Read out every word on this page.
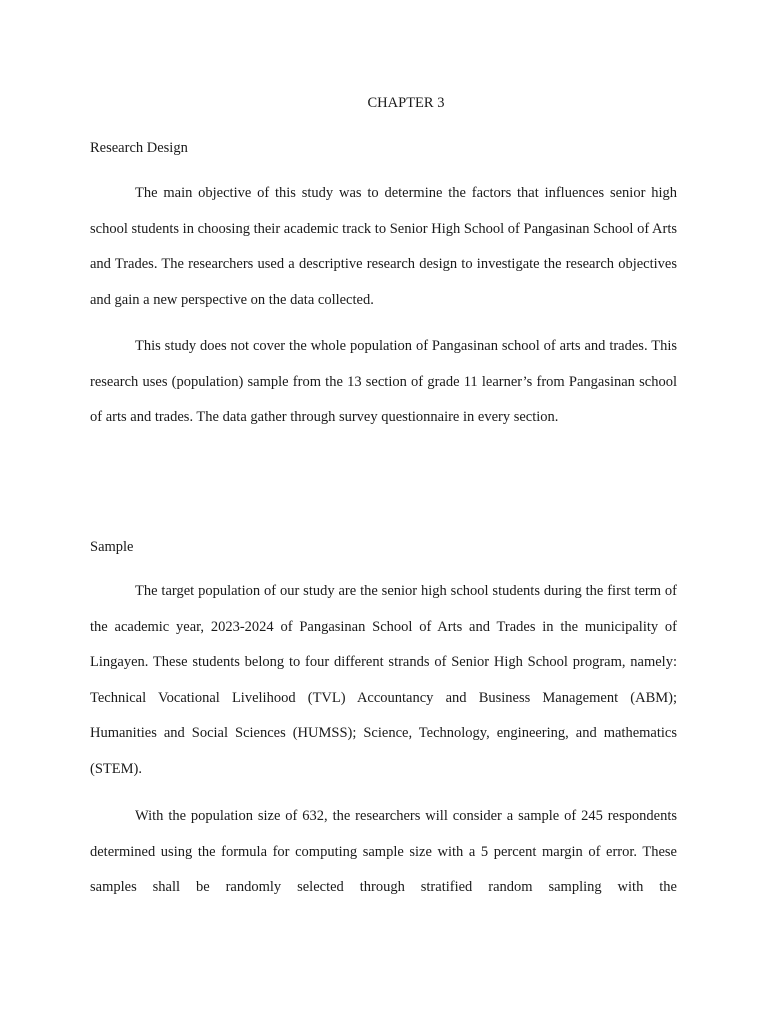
CHAPTER 3
Research Design

The main objective of this study was to determine the factors that influences senior high school students in choosing their academic track to Senior High School of Pangasinan School of Arts and Trades. The researchers used a descriptive research design to investigate the research objectives and gain a new perspective on the data collected.

This study does not cover the whole population of Pangasinan school of arts and trades. This research uses (population) sample from the 13 section of grade 11 learner’s from Pangasinan school of arts and trades. The data gather through survey questionnaire in every section.

Sample

The target population of our study are the senior high school students during the first term of the academic year, 2023-2024 of Pangasinan School of Arts and Trades in the municipality of Lingayen. These students belong to four different strands of Senior High School program, namely: Technical Vocational Livelihood (TVL) Accountancy and Business Management (ABM); Humanities and Social Sciences (HUMSS); Science, Technology, engineering, and mathematics (STEM).

With the population size of 632, the researchers will consider a sample of 245 respondents determined using the formula for computing sample size with a 5 percent margin of error. These samples shall be randomly selected through stratified random sampling with the
